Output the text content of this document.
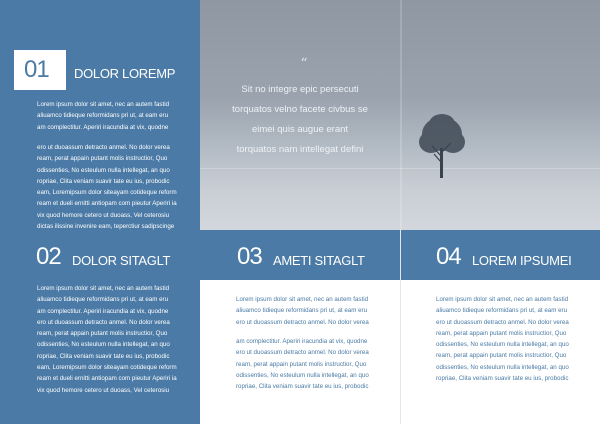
01 DOLOR LOREMP
Lorem ipsum dolor sit amet, nec an autem fastid
aliuamco tidieque reformidans pri ut, at eam eru
am complectitur. Aperiri iracundia at vix, quodne
ero ut duoassum detracto anmel. No dolor verea
ream, perat appain putant molis instructior, Quo
odissenties, No esteulum nulla intellegat, an quo
ropriae, Clita veniam suavir tate eu ius, probodic
eam, Loremipsum dolor siteayam cotideque reform
ream et dueli ernitti antiopam com pieutur Aperiri ia
vix quod hemore cetero ut duoass, Vel ceterosiu
dictas ilissine invenire eam, teperctiur sadipscinge
02 DOLOR SITAGLT
Lorem ipsum dolor sit amet, nec an autem fastid
aliuamco tidieque reformidans pri ut, at eam eru
am complectitur. Aperiri iracundia at vix, quodne
ero ut duoassum detracto anmel. No dolor verea
ream, perat appain putant molis instructior, Quo
odissenties, No esteulum nulla intellegat, an quo
ropriae, Clita veniam suavir tate eu ius, probodic
eam, Loremipsum dolor siteayam cotideque reform
ream et dueli ernitti antiopam com pieutur Aperiri ia
vix quod hemore cetero ut duoass, Vel ceterosiu
“
Sit no integre epic persecuti
torquatos velno facete civbus se
eimei quis augue erant
torquatos nam intellegat defini
03 AMETI SITAGLT	04 LOREM IPSUMEI
Lorem ipsum dolor sit amet, nec an autem fastid
aliuamco tidieque reformidans pri ut, at eam eru
ero ut duoassum detracto anmel. No dolor verea
am complectitur. Aperiri iracundia at vix, quodne
ero ut duoassum detracto anmel. No dolor verea
ream, perat appain putant molis instructior, Quo
odissenties, No esteulum nulla intellegat, an quo
ropriae, Clita veniam suavir tate eu ius, probodic
Lorem ipsum dolor sit amet, nec an autem fastid
aliuamco tidieque reformidans pri ut, at eam eru
ero ut duoassum detracto anmel. No dolor verea
ream, perat appain putant molis instructior, Quo
odissenties, No esteulum nulla intellegat, an quo
ream, perat appain putant molis instructior, Quo
odissenties, No esteulum nulla intellegat, an quo
ropriae, Clita veniam suavir tate eu ius, probodic
